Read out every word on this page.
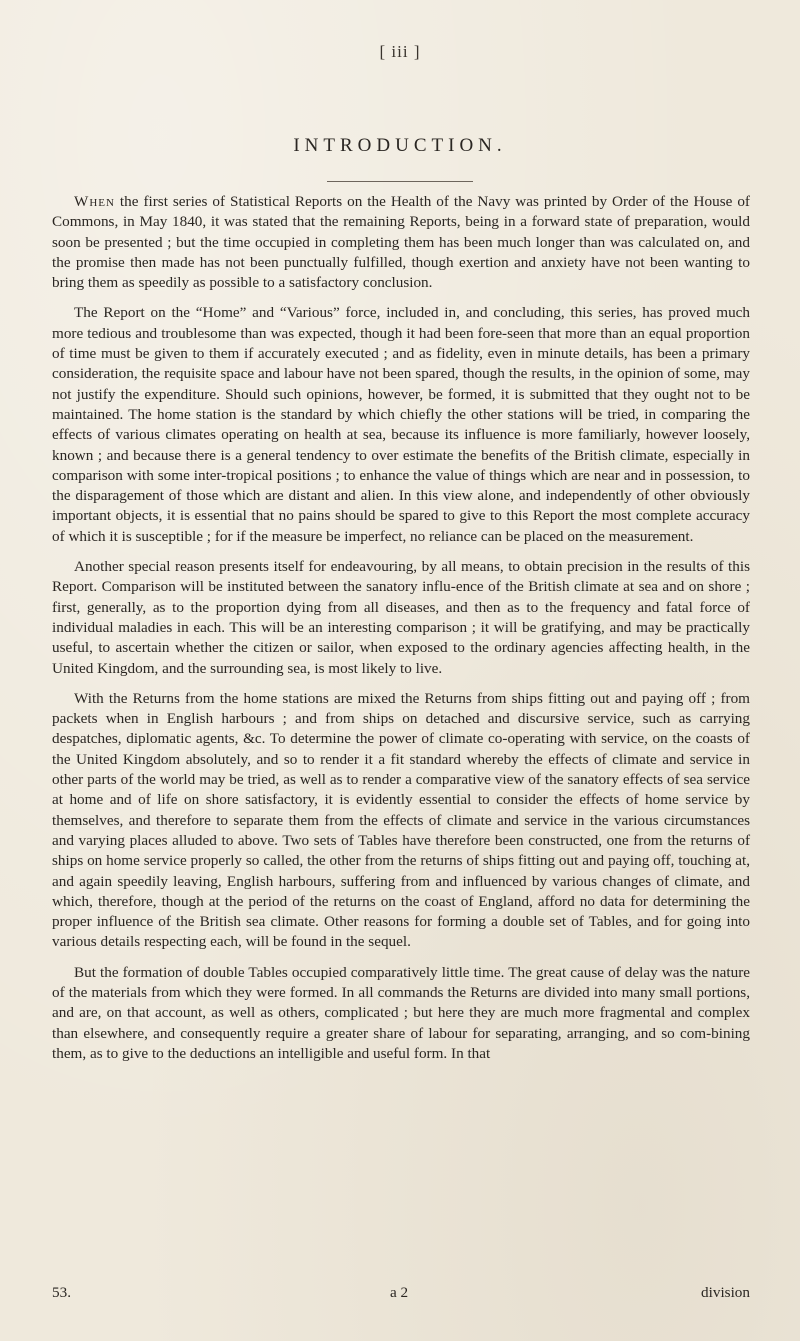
[ iii ]
INTRODUCTION.

When the first series of Statistical Reports on the Health of the Navy was printed by Order of the House of Commons, in May 1840, it was stated that the remaining Reports, being in a forward state of preparation, would soon be presented ; but the time occupied in completing them has been much longer than was calculated on, and the promise then made has not been punctually fulfilled, though exertion and anxiety have not been wanting to bring them as speedily as possible to a satisfactory conclusion.

The Report on the “Home” and “Various” force, included in, and concluding, this series, has proved much more tedious and troublesome than was expected, though it had been fore-seen that more than an equal proportion of time must be given to them if accurately executed ; and as fidelity, even in minute details, has been a primary consideration, the requisite space and labour have not been spared, though the results, in the opinion of some, may not justify the expenditure. Should such opinions, however, be formed, it is submitted that they ought not to be maintained. The home station is the standard by which chiefly the other stations will be tried, in comparing the effects of various climates operating on health at sea, because its influence is more familiarly, however loosely, known ; and because there is a general tendency to over estimate the benefits of the British climate, especially in comparison with some inter-tropical positions ; to enhance the value of things which are near and in possession, to the disparagement of those which are distant and alien. In this view alone, and independently of other obviously important objects, it is essential that no pains should be spared to give to this Report the most complete accuracy of which it is susceptible ; for if the measure be imperfect, no reliance can be placed on the measurement.

Another special reason presents itself for endeavouring, by all means, to obtain precision in the results of this Report. Comparison will be instituted between the sanatory influ-ence of the British climate at sea and on shore ; first, generally, as to the proportion dying from all diseases, and then as to the frequency and fatal force of individual maladies in each. This will be an interesting comparison ; it will be gratifying, and may be practically useful, to ascertain whether the citizen or sailor, when exposed to the ordinary agencies affecting health, in the United Kingdom, and the surrounding sea, is most likely to live.

With the Returns from the home stations are mixed the Returns from ships fitting out and paying off ; from packets when in English harbours ; and from ships on detached and discursive service, such as carrying despatches, diplomatic agents, &c. To determine the power of climate co-operating with service, on the coasts of the United Kingdom absolutely, and so to render it a fit standard whereby the effects of climate and service in other parts of the world may be tried, as well as to render a comparative view of the sanatory effects of sea service at home and of life on shore satisfactory, it is evidently essential to consider the effects of home service by themselves, and therefore to separate them from the effects of climate and service in the various circumstances and varying places alluded to above. Two sets of Tables have therefore been constructed, one from the returns of ships on home service properly so called, the other from the returns of ships fitting out and paying off, touching at, and again speedily leaving, English harbours, suffering from and influenced by various changes of climate, and which, therefore, though at the period of the returns on the coast of England, afford no data for determining the proper influence of the British sea climate. Other reasons for forming a double set of Tables, and for going into various details respecting each, will be found in the sequel.

But the formation of double Tables occupied comparatively little time. The great cause of delay was the nature of the materials from which they were formed. In all commands the Returns are divided into many small portions, and are, on that account, as well as others, complicated ; but here they are much more fragmental and complex than elsewhere, and consequently require a greater share of labour for separating, arranging, and so com-bining them, as to give to the deductions an intelligible and useful form. In that

53.	a 2	division
